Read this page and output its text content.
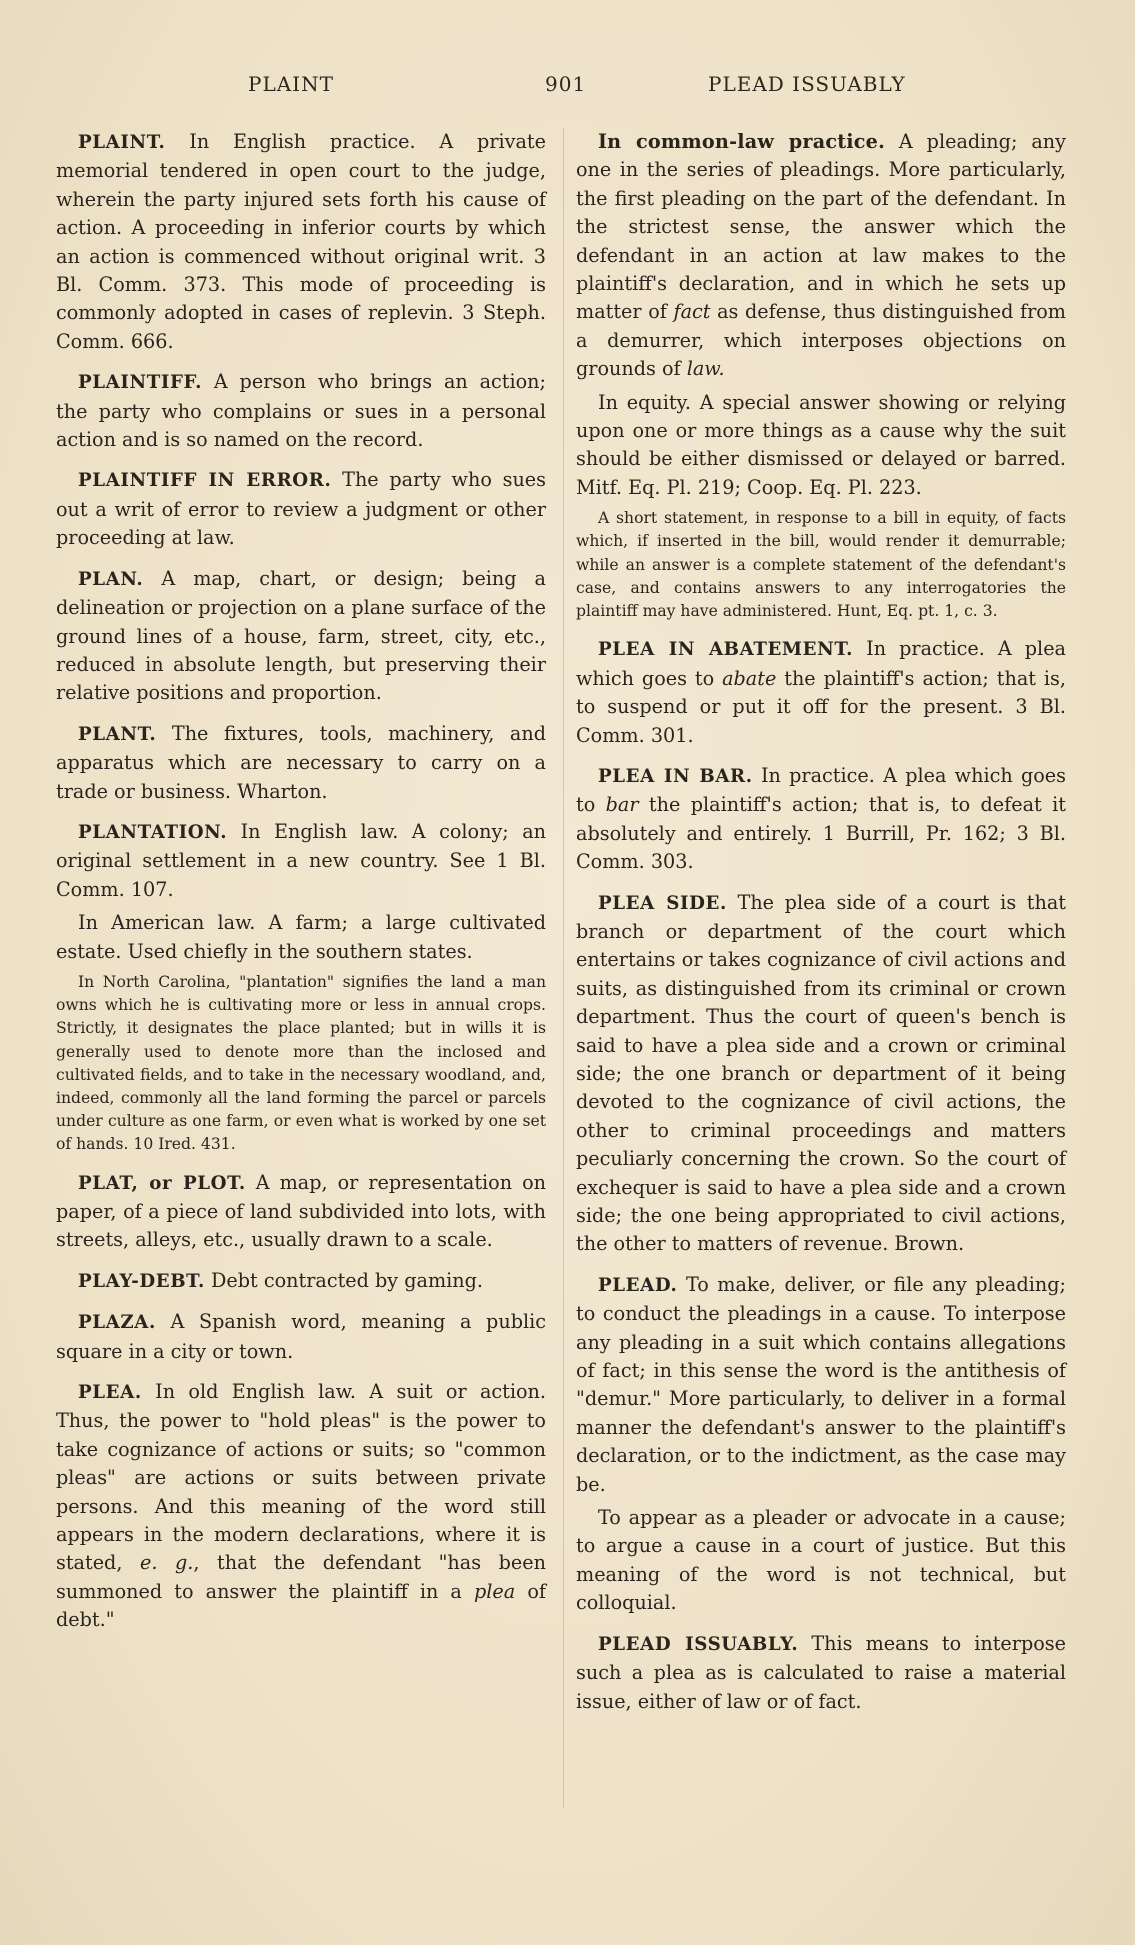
PLAINT	901	PLEAD ISSUABLY

PLAINT. In English practice. A private memorial tendered in open court to the judge, wherein the party injured sets forth his cause of action. A proceeding in inferior courts by which an action is commenced without original writ. 3 Bl. Comm. 373. This mode of proceeding is commonly adopted in cases of replevin. 3 Steph. Comm. 666.

PLAINTIFF. A person who brings an action; the party who complains or sues in a personal action and is so named on the record.

PLAINTIFF IN ERROR. The party who sues out a writ of error to review a judgment or other proceeding at law.

PLAN. A map, chart, or design; being a delineation or projection on a plane surface of the ground lines of a house, farm, street, city, etc., reduced in absolute length, but preserving their relative positions and proportion.

PLANT. The fixtures, tools, machinery, and apparatus which are necessary to carry on a trade or business. Wharton.

PLANTATION. In English law. A colony; an original settlement in a new country. See 1 Bl. Comm. 107.

In American law. A farm; a large cultivated estate. Used chiefly in the southern states.

In North Carolina, "plantation" signifies the land a man owns which he is cultivating more or less in annual crops. Strictly, it designates the place planted; but in wills it is generally used to denote more than the inclosed and cultivated fields, and to take in the necessary woodland, and, indeed, commonly all the land forming the parcel or parcels under culture as one farm, or even what is worked by one set of hands. 10 Ired. 431.

PLAT, or PLOT. A map, or representation on paper, of a piece of land subdivided into lots, with streets, alleys, etc., usually drawn to a scale.

PLAY-DEBT. Debt contracted by gaming.

PLAZA. A Spanish word, meaning a public square in a city or town.

PLEA. In old English law. A suit or action. Thus, the power to "hold pleas" is the power to take cognizance of actions or suits; so "common pleas" are actions or suits between private persons. And this meaning of the word still appears in the modern declarations, where it is stated, e. g., that the defendant "has been summoned to answer the plaintiff in a plea of debt."

In common-law practice. A pleading; any one in the series of pleadings. More particularly, the first pleading on the part of the defendant. In the strictest sense, the answer which the defendant in an action at law makes to the plaintiff's declaration, and in which he sets up matter of fact as defense, thus distinguished from a demurrer, which interposes objections on grounds of law.

In equity. A special answer showing or relying upon one or more things as a cause why the suit should be either dismissed or delayed or barred. Mitf. Eq. Pl. 219; Coop. Eq. Pl. 223.

A short statement, in response to a bill in equity, of facts which, if inserted in the bill, would render it demurrable; while an answer is a complete statement of the defendant's case, and contains answers to any interrogatories the plaintiff may have administered. Hunt, Eq. pt. 1, c. 3.

PLEA IN ABATEMENT. In practice. A plea which goes to abate the plaintiff's action; that is, to suspend or put it off for the present. 3 Bl. Comm. 301.

PLEA IN BAR. In practice. A plea which goes to bar the plaintiff's action; that is, to defeat it absolutely and entirely. 1 Burrill, Pr. 162; 3 Bl. Comm. 303.

PLEA SIDE. The plea side of a court is that branch or department of the court which entertains or takes cognizance of civil actions and suits, as distinguished from its criminal or crown department. Thus the court of queen's bench is said to have a plea side and a crown or criminal side; the one branch or department of it being devoted to the cognizance of civil actions, the other to criminal proceedings and matters peculiarly concerning the crown. So the court of exchequer is said to have a plea side and a crown side; the one being appropriated to civil actions, the other to matters of revenue. Brown.

PLEAD. To make, deliver, or file any pleading; to conduct the pleadings in a cause. To interpose any pleading in a suit which contains allegations of fact; in this sense the word is the antithesis of "demur." More particularly, to deliver in a formal manner the defendant's answer to the plaintiff's declaration, or to the indictment, as the case may be.

To appear as a pleader or advocate in a cause; to argue a cause in a court of justice. But this meaning of the word is not technical, but colloquial.

PLEAD ISSUABLY. This means to interpose such a plea as is calculated to raise a material issue, either of law or of fact.
